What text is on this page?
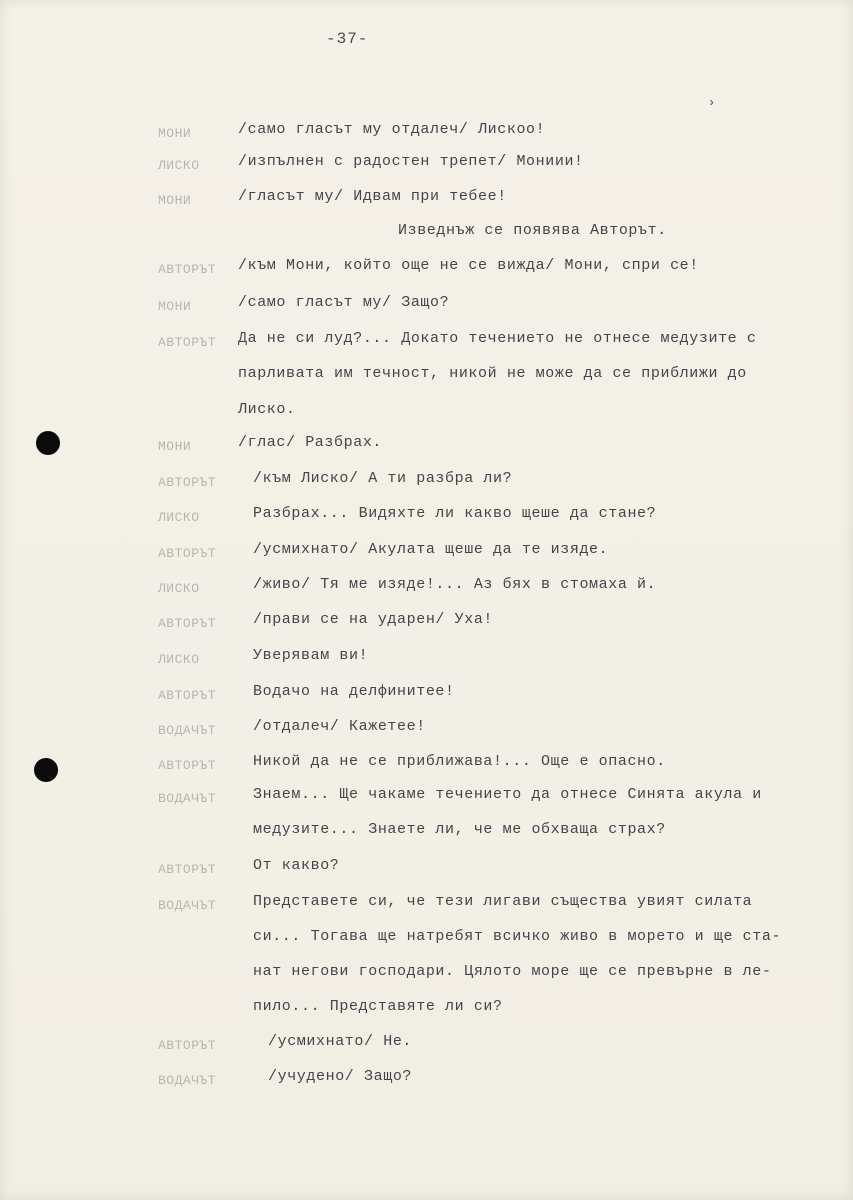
-37-
›
МОНИ	/само гласът му отдалеч/ Лискоо!
ЛИСКО	/изпълнен с радостен трепет/ Мониии!
МОНИ	/гласът му/ Идвам при тебее!
Изведнъж се появява Авторът.
АВТОРЪТ /към Мони, който още не се вижда/ Мони, спри се!
МОНИ	/само гласът му/ Защо?
АВТОРЪТ Да не си луд?... Докато течението не отнесе медузите с
парливата им течност, никой не може да се приближи до
Лиско.
МОНИ	/глас/ Разбрах.
АВТОРЪТ /към Лиско/ А ти разбра ли?
ЛИСКО	Разбрах... Видяхте ли какво щеше да стане?
АВТОРЪТ /усмихнато/ Акулата щеше да те изяде.
ЛИСКО	/живо/ Тя ме изяде!... Аз бях в стомаха й.
АВТОРЪТ /прави се на ударен/ Уха!
ЛИСКО	Уверявам ви!
АВТОРЪТ Водачо на делфинитее!
ВОДАЧЪТ /отдалеч/ Кажетее!
АВТОРЪТ Никой да не се приближава!... Още е опасно.
ВОДАЧЪТ Знаем... Ще чакаме течението да отнесе Синята акула и
медузите... Знаете ли, че ме обхваща страх?
АВТОРЪТ От какво?
ВОДАЧЪТ Представете си, че тези лигави същества увият силата
си... Тогава ще натребят всичко живо в морето и ще ста-
нат негови господари. Цялото море ще се превърне в ле-
пило... Представяте ли си?
АВТОРЪТ	/усмихнато/ Не.
ВОДАЧЪТ	/учудено/ Защо?
